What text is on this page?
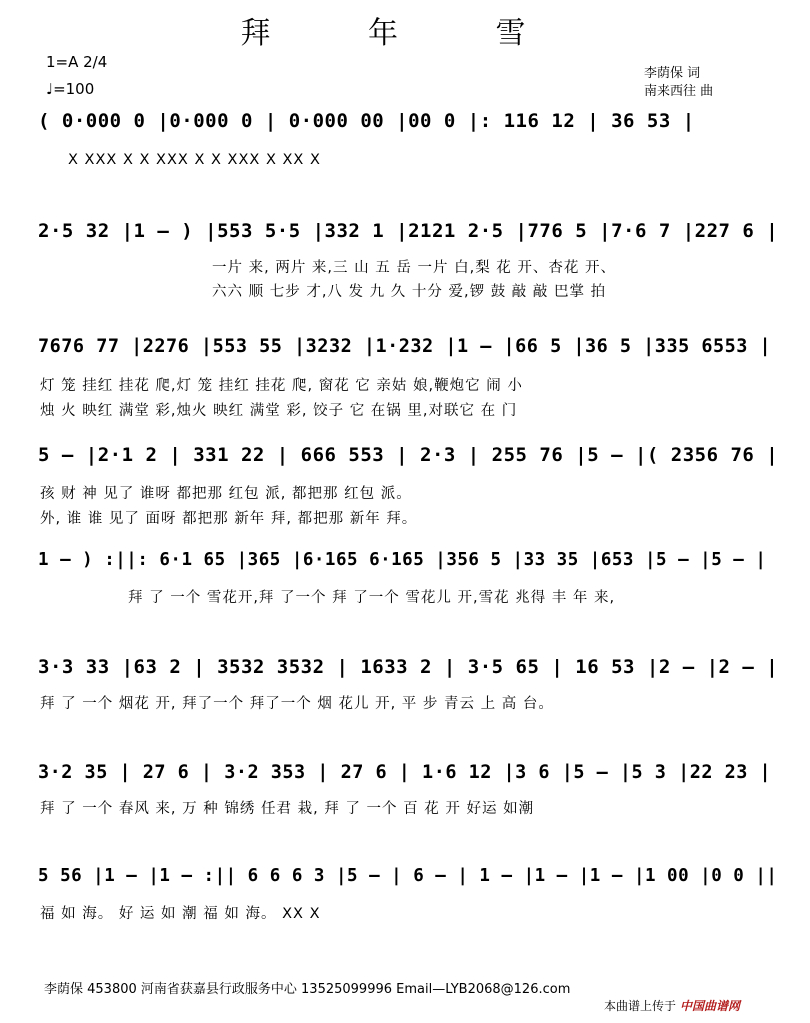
拜 年 雪
1=A 2/4
♩=100
李荫保 词
南来西往 曲
( 0·000 0 |0·000 0 | 0·000 00 |00 0 |: 116 12 | 36 53 |
X XXX X X XXX X X XXX X XX X
2·5 32 |1 – ) |553 5·5 |332 1 |2121 2·5 |776 5 |7·6 7 |227 6 |
一片 来, 两片 来,三 山 五 岳 一片 白,梨 花 开、杏花 开、
六六 顺 七步 才,八 发 九 久 十分 爱,锣 鼓 敲 敲 巴掌 拍
7676 77 |2276 |553 55 |3232 |1·232 |1 – |66 5 |36 5 |335 6553 |
灯 笼 挂红 挂花 爬,灯 笼 挂红 挂花 爬, 窗花 它 亲姑 娘,鞭炮它 闹 小
烛 火 映红 满堂 彩,烛火 映红 满堂 彩, 饺子 它 在锅 里,对联它 在 门
5 – |2·1 2 | 331 22 | 666 553 | 2·3 | 255 76 |5 – |( 2356 76 |
孩 财 神 见了 谁呀 都把那 红包 派, 都把那 红包 派。
外, 谁 谁 见了 面呀 都把那 新年 拜, 都把那 新年 拜。
1 – ) :||: 6·1 65 |365 |6·165 6·165 |356 5 |33 35 |653 |5 – |5 – |
拜 了 一个 雪花开,拜 了一个 拜 了一个 雪花儿 开,雪花 兆得 丰 年 来,
3·3 33 |63 2 | 3532 3532 | 1633 2 | 3·5 65 | 16 53 |2 – |2 – |
拜 了 一个 烟花 开, 拜了一个 拜了一个 烟 花儿 开, 平 步 青云 上 高 台。
3·2 35 | 27 6 | 3·2 353 | 27 6 | 1·6 12 |3 6 |5 – |5 3 |22 23 |
拜 了 一个 春风 来, 万 种 锦绣 任君 栽, 拜 了 一个 百 花 开 好运 如潮
5 56 |1 – |1 – :|| 6 6 6 3 |5 – | 6 – | 1 – |1 – |1 – |1 00 |0 0 ||
福 如 海。 好 运 如 潮 福 如 海。 XX X
李荫保 453800 河南省获嘉县行政服务中心 13525099996 Email—LYB2068@126.com
本曲谱上传于 中国曲谱网
